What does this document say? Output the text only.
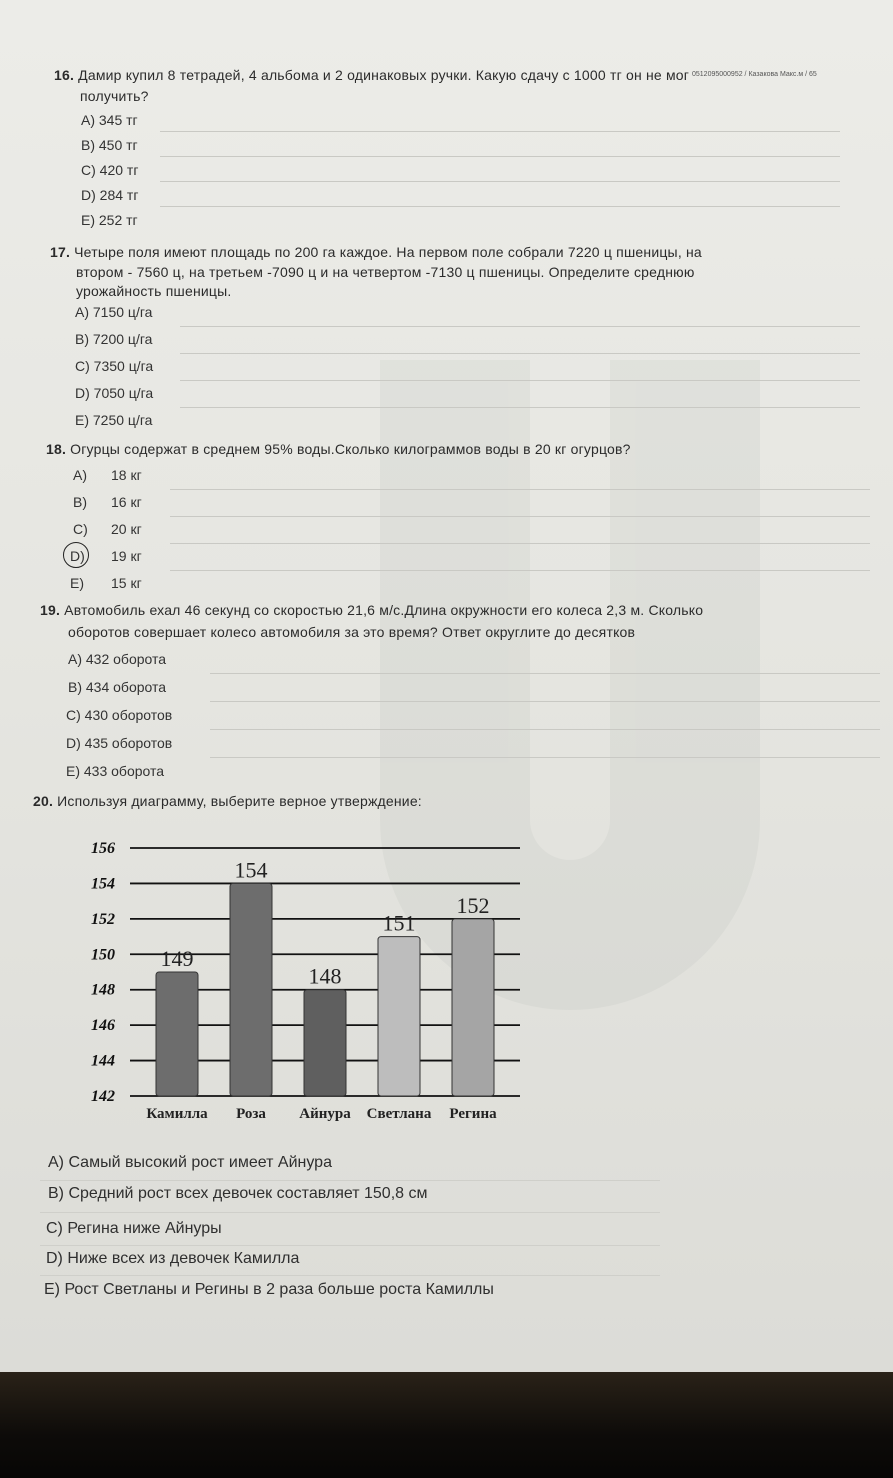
0512095000952 / Казакова Макс.м / 65
16. Дамир купил 8 тетрадей, 4 альбома и 2 одинаковых ручки. Какую сдачу с 1000 тг он не мог
получить?
A) 345 тг
B) 450 тг
C) 420 тг
D) 284 тг
E) 252 тг
17. Четыре поля имеют площадь по 200 га каждое. На первом поле собрали 7220 ц пшеницы, на
втором - 7560 ц, на третьем -7090 ц и на четвертом -7130 ц пшеницы. Определите среднюю
урожайность пшеницы.
A) 7150 ц/га
B) 7200 ц/га
C) 7350 ц/га
D) 7050 ц/га
E) 7250 ц/га
18. Огурцы содержат в среднем 95% воды.Сколько килограммов воды в 20 кг огурцов?
A) 18 кг
B) 16 кг
C) 20 кг
D) 19 кг
E) 15 кг
19. Автомобиль ехал 46 секунд со скоростью 21,6 м/с.Длина окружности его колеса 2,3 м. Сколько
оборотов совершает колесо автомобиля за это время? Ответ округлите до десятков
A) 432 оборота
B) 434 оборота
C) 430 оборотов
D) 435 оборотов
E) 433 оборота
20. Используя диаграмму, выберите верное утверждение:
142
144
146
148
150
152
154
156
149
Камилла
154
Роза
148
Айнура
151
Светлана
152
Регина
A) Самый высокий рост имеет Айнура
B) Средний рост всех девочек составляет 150,8 см
C) Регина ниже Айнуры
D) Ниже всех из девочек Камилла
E) Рост Светланы и Регины в 2 раза больше роста Камиллы
